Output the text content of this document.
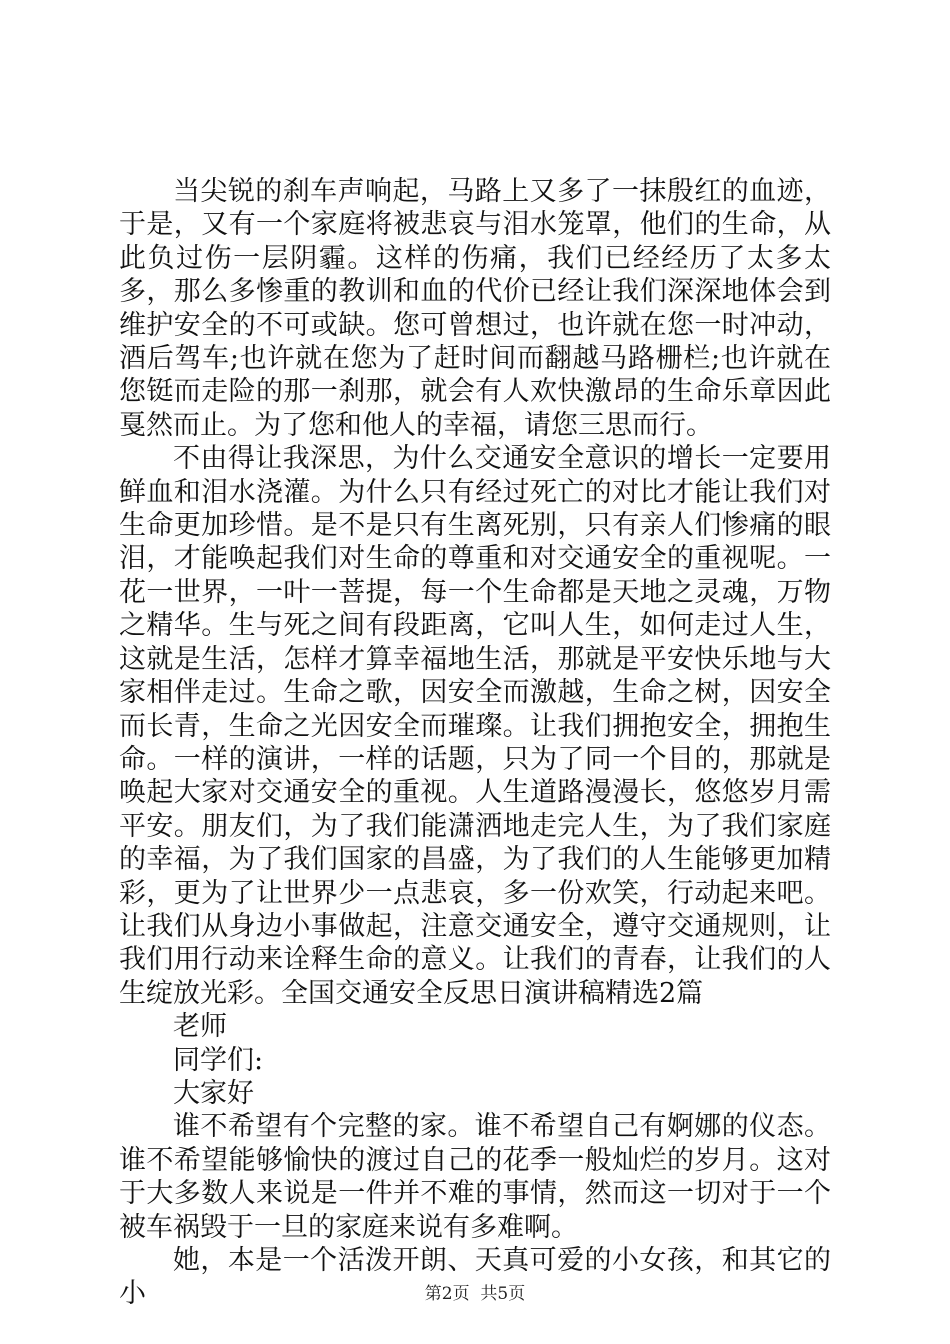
当尖锐的刹车声响起，马路上又多了一抹殷红的血迹，于是，又有一个家庭将被悲哀与泪水笼罩，他们的生命，从此负过伤一层阴霾。这样的伤痛，我们已经经历了太多太多，那么多惨重的教训和血的代价已经让我们深深地体会到维护安全的不可或缺。您可曾想过，也许就在您一时冲动，酒后驾车;也许就在您为了赶时间而翻越马路栅栏;也许就在您铤而走险的那一刹那，就会有人欢快激昂的生命乐章因此戛然而止。为了您和他人的幸福，请您三思而行。

不由得让我深思，为什么交通安全意识的增长一定要用鲜血和泪水浇灌。为什么只有经过死亡的对比才能让我们对生命更加珍惜。是不是只有生离死别，只有亲人们惨痛的眼泪，才能唤起我们对生命的尊重和对交通安全的重视呢。一花一世界，一叶一菩提，每一个生命都是天地之灵魂，万物之精华。生与死之间有段距离，它叫人生，如何走过人生，这就是生活，怎样才算幸福地生活，那就是平安快乐地与大家相伴走过。生命之歌，因安全而激越，生命之树，因安全而长青，生命之光因安全而璀璨。让我们拥抱安全，拥抱生命。一样的演讲，一样的话题，只为了同一个目的，那就是唤起大家对交通安全的重视。人生道路漫漫长，悠悠岁月需平安。朋友们，为了我们能潇洒地走完人生，为了我们家庭的幸福，为了我们国家的昌盛，为了我们的人生能够更加精彩，更为了让世界少一点悲哀，多一份欢笑，行动起来吧。让我们从身边小事做起，注意交通安全，遵守交通规则，让我们用行动来诠释生命的意义。让我们的青春，让我们的人生绽放光彩。全国交通安全反思日演讲稿精选2篇

老师

同学们:

大家好

谁不希望有个完整的家。谁不希望自己有婀娜的仪态。谁不希望能够愉快的渡过自己的花季一般灿烂的岁月。这对于大多数人来说是一件并不难的事情，然而这一切对于一个被车祸毁于一旦的家庭来说有多难啊。

她，本是一个活泼开朗、天真可爱的小女孩，和其它的小	第2页  共5页
